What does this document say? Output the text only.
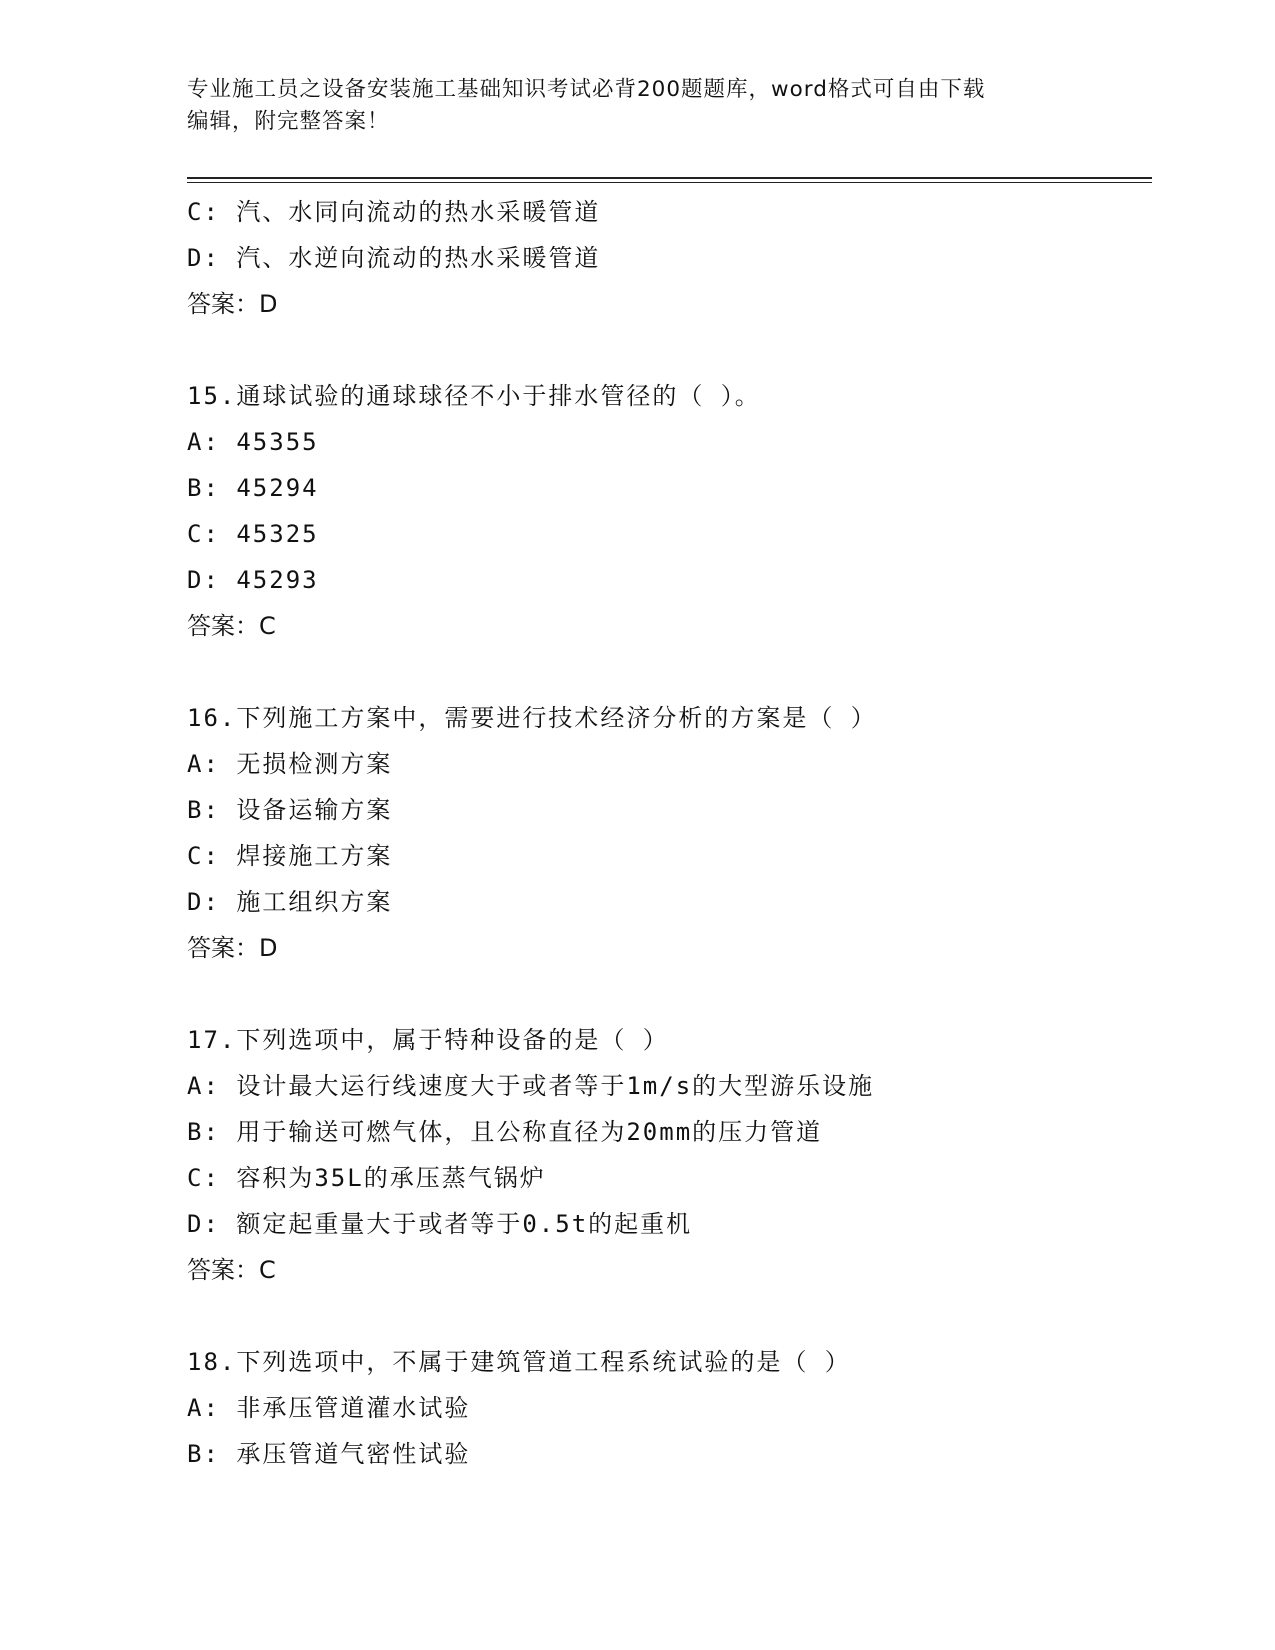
专业施工员之设备安装施工基础知识考试必背200题题库，word格式可自由下载
编辑，附完整答案！
C: 汽、水同向流动的热水采暖管道
D: 汽、水逆向流动的热水采暖管道
答案：D
15.通球试验的通球球径不小于排水管径的（ ）。
A: 45355
B: 45294
C: 45325
D: 45293
答案：C
16.下列施工方案中，需要进行技术经济分析的方案是（ ）
A: 无损检测方案
B: 设备运输方案
C: 焊接施工方案
D: 施工组织方案
答案：D
17.下列选项中，属于特种设备的是（ ）
A: 设计最大运行线速度大于或者等于1m/s的大型游乐设施
B: 用于输送可燃气体，且公称直径为20mm的压力管道
C: 容积为35L的承压蒸气锅炉
D: 额定起重量大于或者等于0.5t的起重机
答案：C
18.下列选项中，不属于建筑管道工程系统试验的是（ ）
A: 非承压管道灌水试验
B: 承压管道气密性试验
